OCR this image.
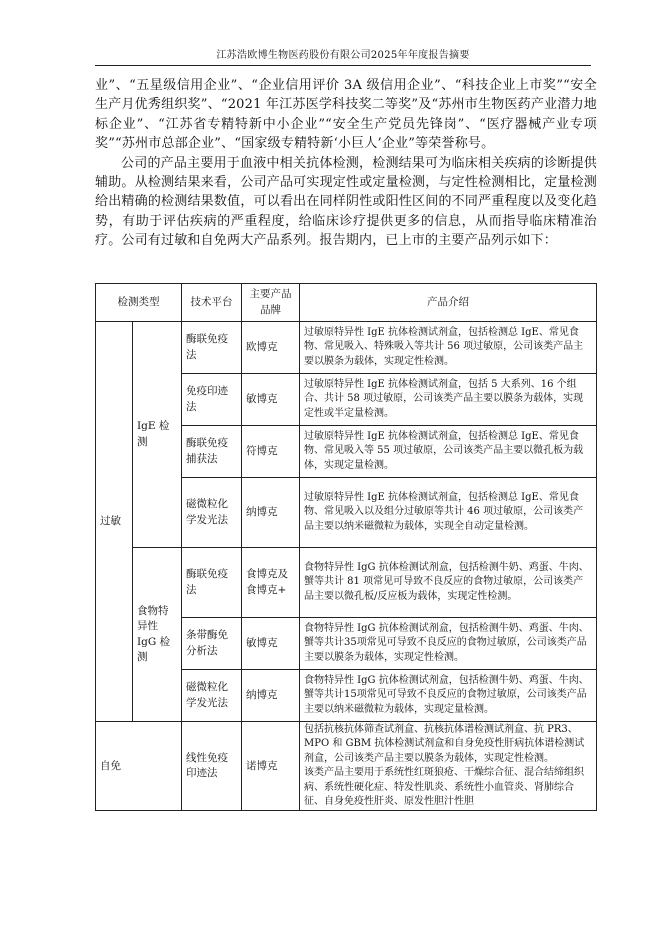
江苏浩欧博生物医药股份有限公司2025年年度报告摘要

业”、“五星级信用企业”、“企业信用评价 3A 级信用企业”、“科技企业上市奖”“安全生产月优秀组织奖”、“2021 年江苏医学科技奖二等奖”及“苏州市生物医药产业潜力地标企业”、“江苏省专精特新中小企业”“安全生产党员先锋岗”、“医疗器械产业专项奖”“苏州市总部企业”、“国家级专精特新‘小巨人’企业”等荣誉称号。

公司的产品主要用于血液中相关抗体检测，检测结果可为临床相关疾病的诊断提供辅助。从检测结果来看，公司产品可实现定性或定量检测，与定性检测相比，定量检测给出精确的检测结果数值，可以看出在同样阴性或阳性区间的不同严重程度以及变化趋势，有助于评估疾病的严重程度，给临床诊疗提供更多的信息，从而指导临床精准治疗。公司有过敏和自免两大产品系列。报告期内，已上市的主要产品列示如下：

检测类型		技术平台	主要产品品牌	产品介绍
过敏	IgE 检测	酶联免疫法	欧博克	过敏原特异性 IgE 抗体检测试剂盒，包括检测总 IgE、常见食物、常见吸入、特殊吸入等共计 56 项过敏原，公司该类产品主要以膜条为载体，实现定性检测。
		免疫印迹法	敏博克	过敏原特异性 IgE 抗体检测试剂盒，包括 5 大系列、16 个组合、共计 58 项过敏原，公司该类产品主要以膜条为载体，实现定性或半定量检测。
		酶联免疫捕获法	符博克	过敏原特异性 IgE 抗体检测试剂盒，包括检测总 IgE、常见食物、常见吸入等 55 项过敏原，公司该类产品主要以微孔板为载体，实现定量检测。
		磁微粒化学发光法	纳博克	过敏原特异性 IgE 抗体检测试剂盒，包括检测总 IgE、常见食物、常见吸入以及组分过敏原等共计 46 项过敏原，公司该类产品主要以纳米磁微粒为载体，实现全自动定量检测。
	食物特异性 IgG 检测	酶联免疫法	食博克及食博克+	食物特异性 IgG 抗体检测试剂盒，包括检测牛奶、鸡蛋、牛肉、蟹等共计 81 项常见可导致不良反应的食物过敏原，公司该类产品主要以微孔板/反应板为载体，实现定性检测。
		条带酶免分析法	敏博克	食物特异性 IgG 抗体检测试剂盒，包括检测牛奶、鸡蛋、牛肉、蟹等共计35项常见可导致不良反应的食物过敏原，公司该类产品主要以膜条为载体，实现定性检测。
		磁微粒化学发光法	纳博克	食物特异性 IgG 抗体检测试剂盒，包括检测牛奶、鸡蛋、牛肉、蟹等共计15项常见可导致不良反应的食物过敏原，公司该类产品主要以纳米磁微粒为载体，实现定量检测。
自免		线性免疫印迹法	诺博克	包括抗核抗体筛查试剂盒、抗核抗体谱检测试剂盒、抗 PR3、MPO 和 GBM 抗体检测试剂盒和自身免疫性肝病抗体谱检测试剂盒，公司该类产品主要以膜条为载体，实现定性检测。
该类产品主要用于系统性红斑狼疮、干燥综合征、混合结缔组织病、系统性硬化症、特发性肌炎、系统性小血管炎、肾肺综合征、自身免疫性肝炎、原发性胆汁性胆
